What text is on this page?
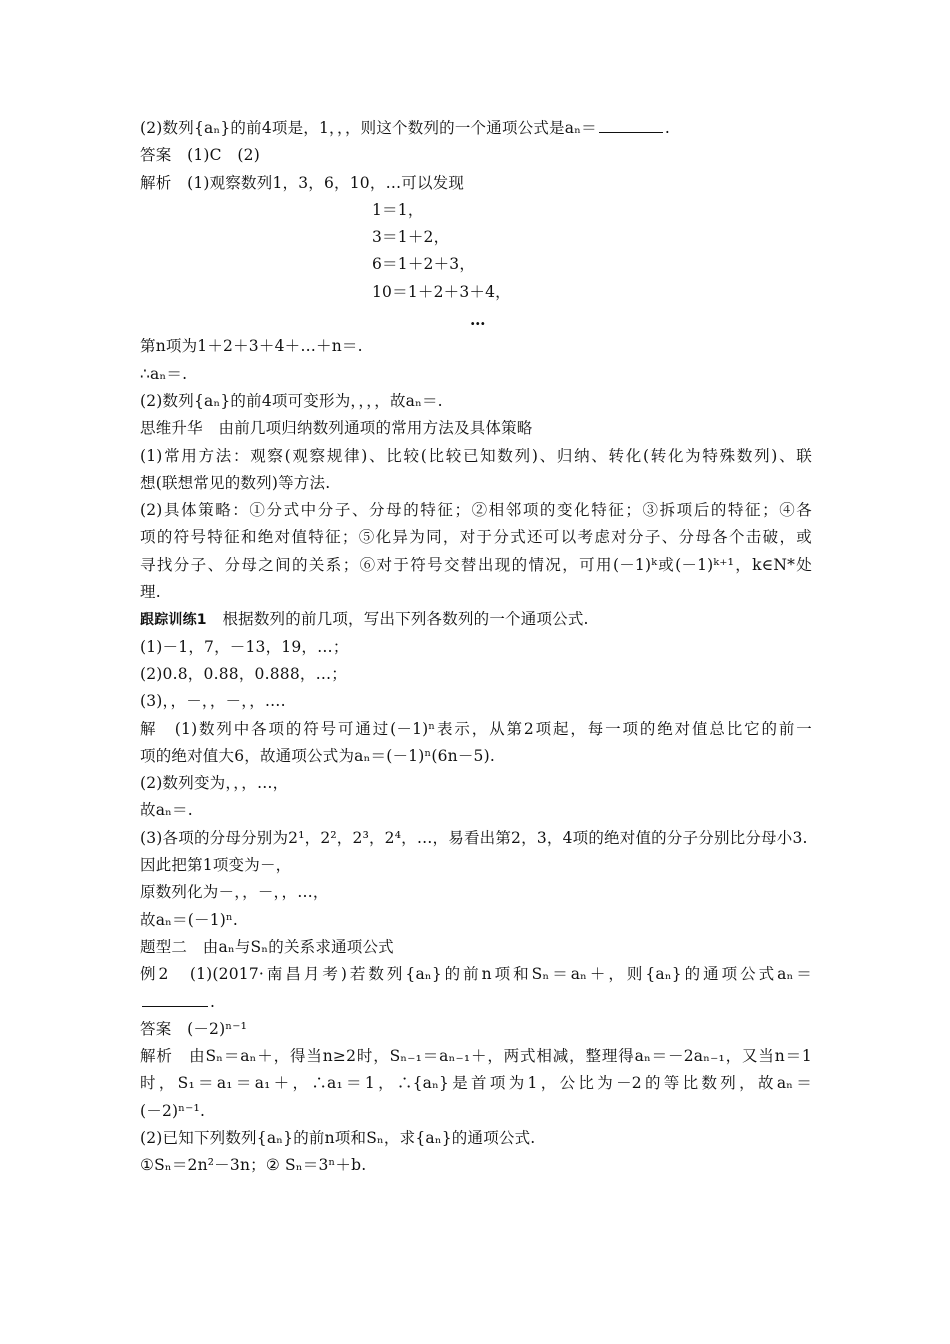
(2)数列{aₙ}的前4项是，1，，，则这个数列的一个通项公式是aₙ＝	.
答案　(1)C　(2)
解析　(1)观察数列1，3，6，10，…可以发现
1＝1，
3＝1＋2，
6＝1＋2＋3，
10＝1＋2＋3＋4，
…
第n项为1＋2＋3＋4＋…＋n＝.
∴aₙ＝.
(2)数列{aₙ}的前4项可变形为，，，，故aₙ＝.
思维升华　由前几项归纳数列通项的常用方法及具体策略
(1)常用方法：观察(观察规律)、比较(比较已知数列)、归纳、转化(转化为特殊数列)、联
想(联想常见的数列)等方法.
(2)具体策略：①分式中分子、分母的特征；②相邻项的变化特征；③拆项后的特征；④各
项的符号特征和绝对值特征；⑤化异为同，对于分式还可以考虑对分子、分母各个击破，或
寻找分子、分母之间的关系；⑥对于符号交替出现的情况，可用(－1)ᵏ或(－1)ᵏ⁺¹，k∈N*处
理.
跟踪训练1　 根据数列的前几项，写出下列各数列的一个通项公式.
(1)－1，7，－13，19，…；
(2)0.8，0.88，0.888，…；
(3)，，－，，－，，….
解　(1)数列中各项的符号可通过(－1)ⁿ表示，从第2项起，每一项的绝对值总比它的前一
项的绝对值大6，故通项公式为aₙ＝(－1)ⁿ(6n－5).
(2)数列变为，，，…，
故aₙ＝.
(3)各项的分母分别为2¹，2²，2³，2⁴，…，易看出第2，3，4项的绝对值的分子分别比分母小3.
因此把第1项变为－，
原数列化为－，，－，，…，
故aₙ＝(－1)ⁿ.
题型二　由aₙ与Sₙ的关系求通项公式
例2　(1)(2017·南昌月考)若数列{aₙ}的前n项和Sₙ＝aₙ＋，则{aₙ}的通项公式aₙ＝
.
答案　(－2)ⁿ⁻¹
解析　由Sₙ＝aₙ＋，得当n≥2时，Sₙ₋₁＝aₙ₋₁＋，两式相减，整理得aₙ＝－2aₙ₋₁，又当n＝1
时，S₁＝a₁＝a₁＋，∴a₁＝1，∴{aₙ}是首项为1，公比为－2的等比数列，故aₙ＝
(－2)ⁿ⁻¹.
(2)已知下列数列{aₙ}的前n项和Sₙ，求{aₙ}的通项公式.
①Sₙ＝2n²－3n；② Sₙ＝3ⁿ＋b.
